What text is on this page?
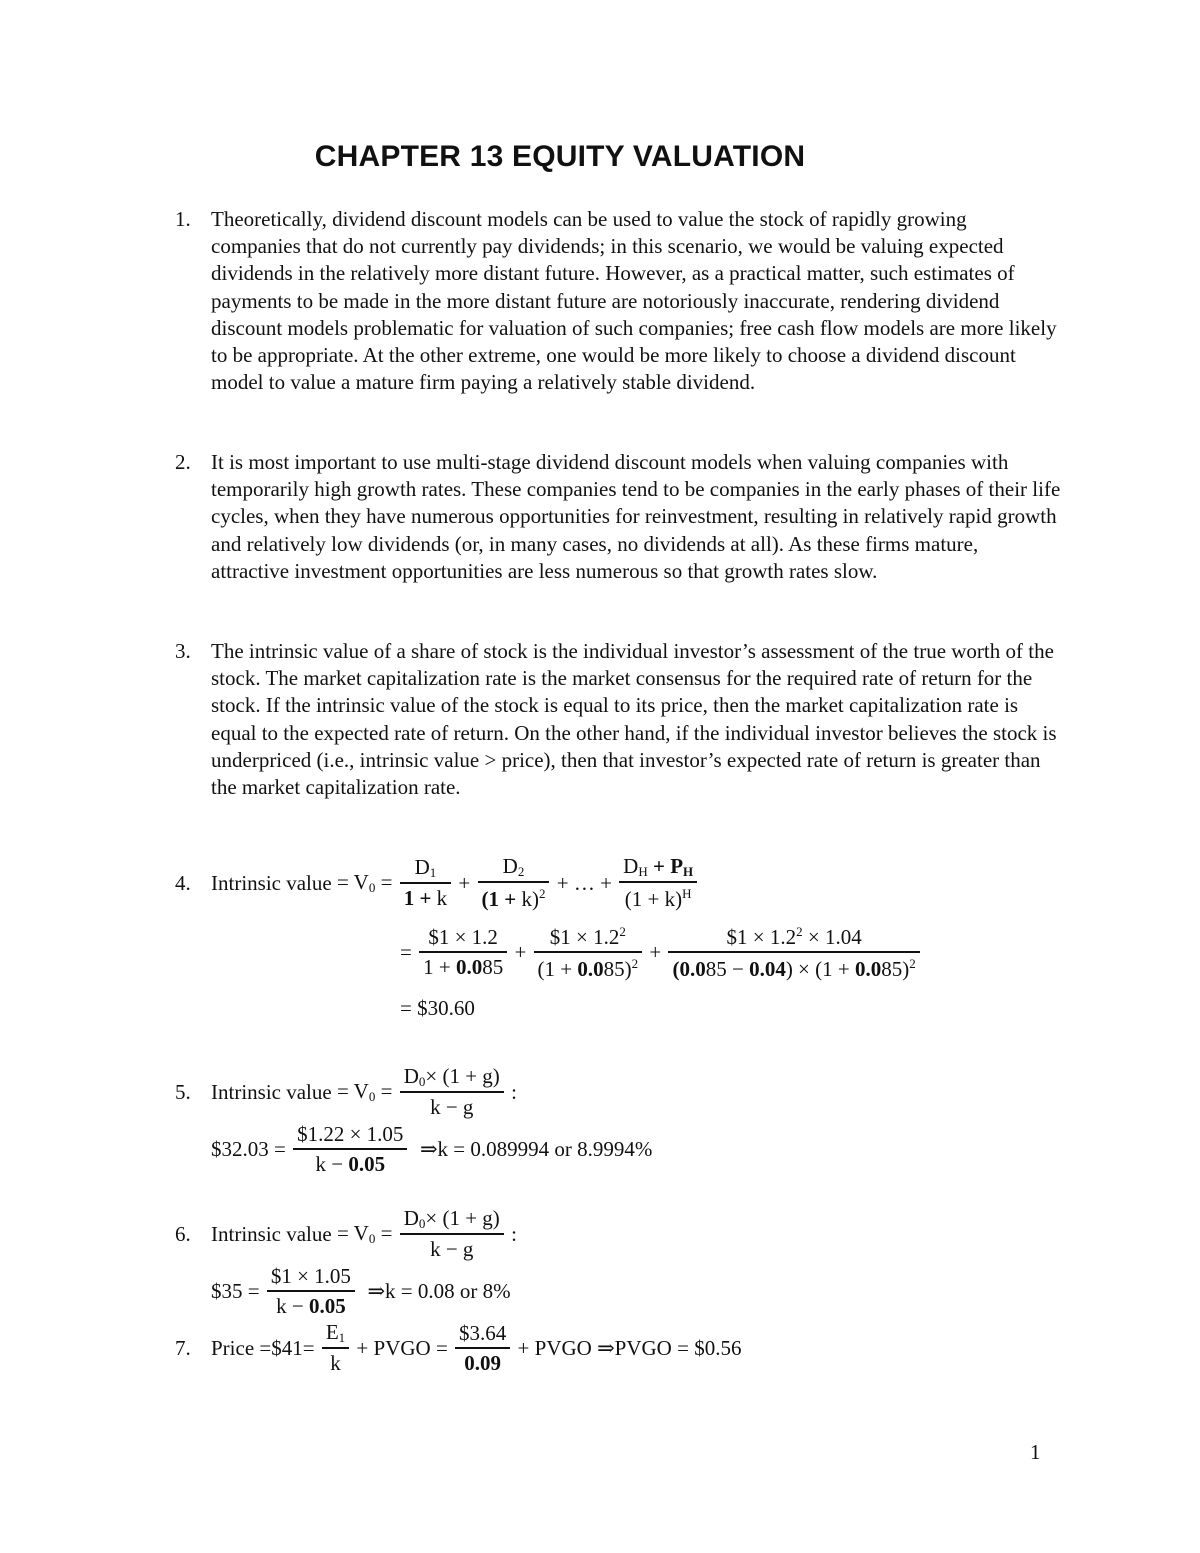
CHAPTER 13 EQUITY VALUATION
1. Theoretically, dividend discount models can be used to value the stock of rapidly growing companies that do not currently pay dividends; in this scenario, we would be valuing expected dividends in the relatively more distant future. However, as a practical matter, such estimates of payments to be made in the more distant future are notoriously inaccurate, rendering dividend discount models problematic for valuation of such companies; free cash flow models are more likely to be appropriate. At the other extreme, one would be more likely to choose a dividend discount model to value a mature firm paying a relatively stable dividend.
2. It is most important to use multi-stage dividend discount models when valuing companies with temporarily high growth rates. These companies tend to be companies in the early phases of their life cycles, when they have numerous opportunities for reinvestment, resulting in relatively rapid growth and relatively low dividends (or, in many cases, no dividends at all). As these firms mature, attractive investment opportunities are less numerous so that growth rates slow.
3. The intrinsic value of a share of stock is the individual investor’s assessment of the true worth of the stock. The market capitalization rate is the market consensus for the required rate of return for the stock. If the intrinsic value of the stock is equal to its price, then the market capitalization rate is equal to the expected rate of return. On the other hand, if the individual investor believes the stock is underpriced (i.e., intrinsic value > price), then that investor’s expected rate of return is greater than the market capitalization rate.
4. Intrinsic value = $V_0 = \frac{D_1}{1 + k} + \frac{D_2}{(1 + k)^2}$ + … + $\frac{D_H + P_H}{(1 + k)^H}$
= $\frac{\$1 \times 1.2}{1 + 0.085} + \frac{\$1 \times 1.2^2}{(1 + 0.085)^2} + \frac{\$1 \times 1.2^2 \times 1.04}{(0.085 - 0.04) \times (1 + 0.085)^2}$
= $30.60
5. Intrinsic value = $V_0 = \frac{D_0\times (1 + g)}{k - g}$ :
$32.03 = $\frac{\$1.22 \times 1.05}{k - 0.05}$ ⇒k = 0.089994 or 8.9994%
6. Intrinsic value = $V_0 = \frac{D_0\times (1 + g)}{k - g}$ :
$35 = $\frac{\$1 \times 1.05}{k - 0.05}$ ⇒k = 0.08 or 8%
7. Price =$41= $\frac{E_1}{k}$ + PVGO = $\frac{\$3.64}{0.09}$ + PVGO ⇒PVGO = $0.56
1
